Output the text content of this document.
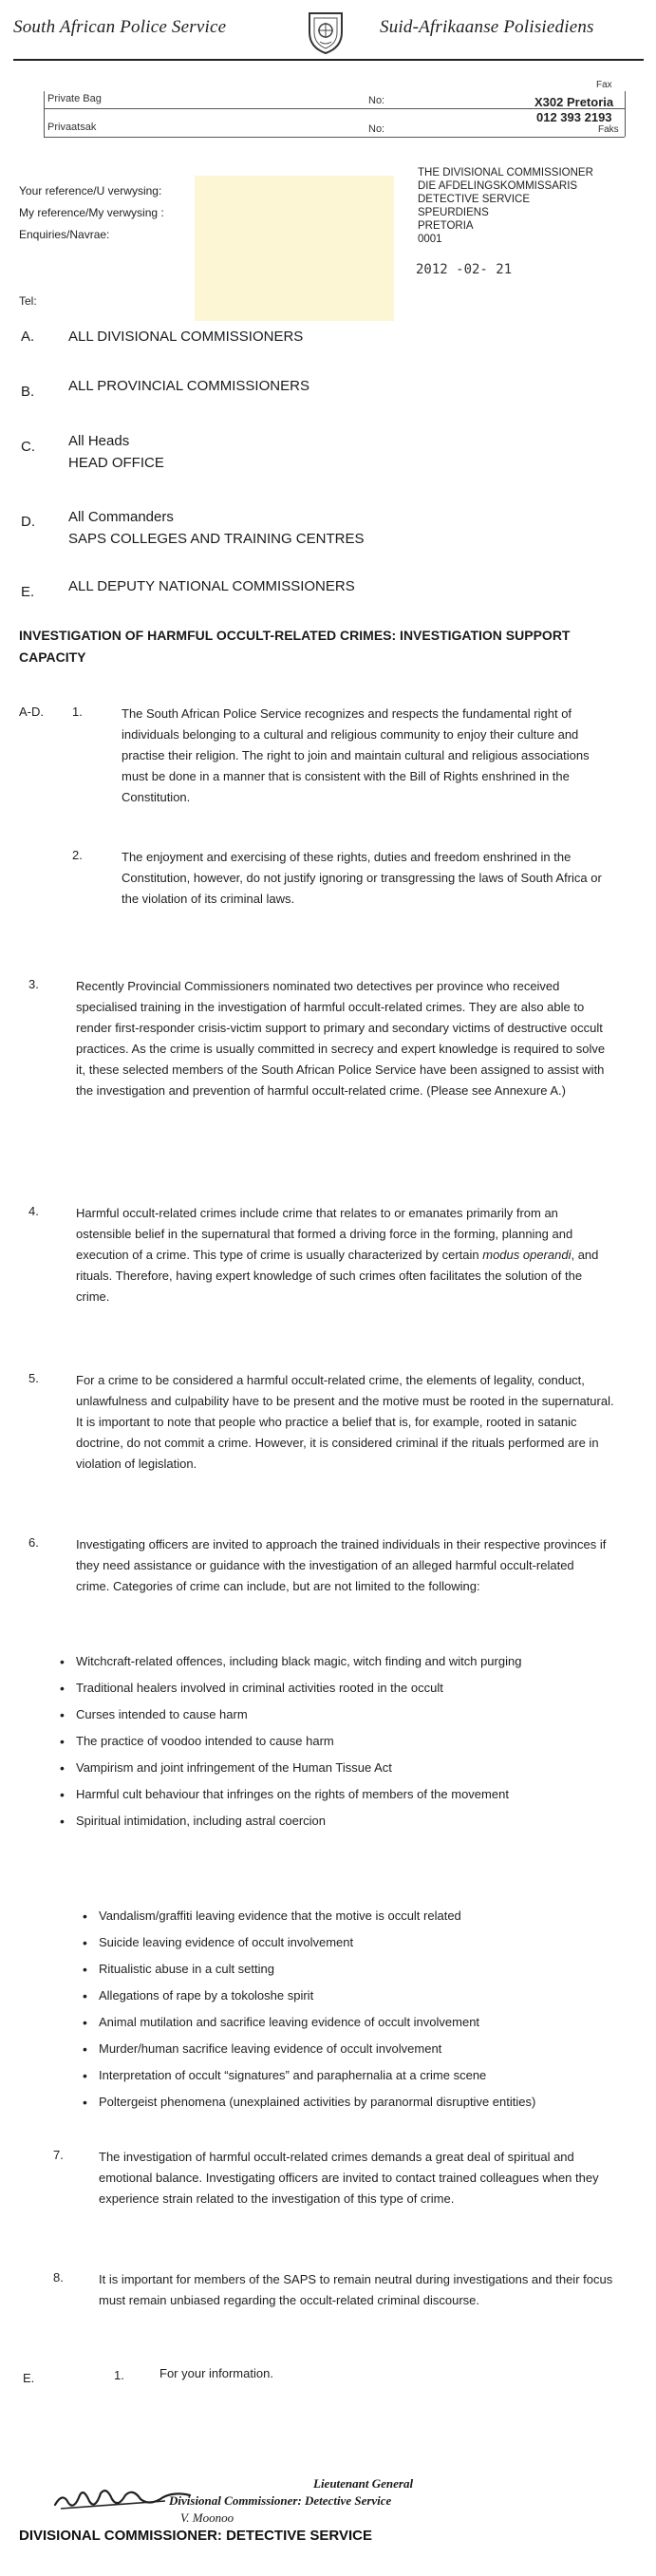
South African Police Service	Suid-Afrikaanse Polisiediens
Private Bag
Privaatsak
No:
No:
Fax
X302 Pretoria
012 393 2193
Faks
Your reference/U verwysing:
My reference/My verwysing :
Enquiries/Navrae:
Tel:
THE DIVISIONAL COMMISSIONER
DIE AFDELINGSKOMMISSARIS
DETECTIVE SERVICE
SPEURDIENS
PRETORIA
0001
2012 -02- 21
A. ALL DIVISIONAL COMMISSIONERS
B. ALL PROVINCIAL COMMISSIONERS
C. All Heads
HEAD OFFICE
D. All Commanders
SAPS COLLEGES AND TRAINING CENTRES
E. ALL DEPUTY NATIONAL COMMISSIONERS
INVESTIGATION OF HARMFUL OCCULT-RELATED CRIMES: INVESTIGATION SUPPORT CAPACITY
A-D. 1.	The South African Police Service recognizes and respects the fundamental right of individuals belonging to a cultural and religious community to enjoy their culture and practise their religion. The right to join and maintain cultural and religious associations must be done in a manner that is consistent with the Bill of Rights enshrined in the Constitution.
2.	The enjoyment and exercising of these rights, duties and freedom enshrined in the Constitution, however, do not justify ignoring or transgressing the laws of South Africa or the violation of its criminal laws.
3.	Recently Provincial Commissioners nominated two detectives per province who received specialised training in the investigation of harmful occult-related crimes. They are also able to render first-responder crisis-victim support to primary and secondary victims of destructive occult practices. As the crime is usually committed in secrecy and expert knowledge is required to solve it, these selected members of the South African Police Service have been assigned to assist with the investigation and prevention of harmful occult-related crime. (Please see Annexure A.)
4.	Harmful occult-related crimes include crime that relates to or emanates primarily from an ostensible belief in the supernatural that formed a driving force in the forming, planning and execution of a crime. This type of crime is usually characterized by certain modus operandi, and rituals. Therefore, having expert knowledge of such crimes often facilitates the solution of the crime.
5.	For a crime to be considered a harmful occult-related crime, the elements of legality, conduct, unlawfulness and culpability have to be present and the motive must be rooted in the supernatural. It is important to note that people who practice a belief that is, for example, rooted in satanic doctrine, do not commit a crime. However, it is considered criminal if the rituals performed are in violation of legislation.
6.	Investigating officers are invited to approach the trained individuals in their respective provinces if they need assistance or guidance with the investigation of an alleged harmful occult-related crime. Categories of crime can include, but are not limited to the following:
• Witchcraft-related offences, including black magic, witch finding and witch purging
• Traditional healers involved in criminal activities rooted in the occult
• Curses intended to cause harm
• The practice of voodoo intended to cause harm
• Vampirism and joint infringement of the Human Tissue Act
• Harmful cult behaviour that infringes on the rights of members of the movement
• Spiritual intimidation, including astral coercion
• Vandalism/graffiti leaving evidence that the motive is occult related
• Suicide leaving evidence of occult involvement
• Ritualistic abuse in a cult setting
• Allegations of rape by a tokoloshe spirit
• Animal mutilation and sacrifice leaving evidence of occult involvement
• Murder/human sacrifice leaving evidence of occult involvement
• Interpretation of occult “signatures” and paraphernalia at a crime scene
• Poltergeist phenomena (unexplained activities by paranormal disruptive entities)
7.	The investigation of harmful occult-related crimes demands a great deal of spiritual and emotional balance. Investigating officers are invited to contact trained colleagues when they experience strain related to the investigation of this type of crime.
8.	It is important for members of the SAPS to remain neutral during investigations and their focus must remain unbiased regarding the occult-related criminal discourse.
E.	1.	For your information.
Lieutenant General
Divisional Commissioner: Detective Service
V. Moonoo
DIVISIONAL COMMISSIONER: DETECTIVE SERVICE
